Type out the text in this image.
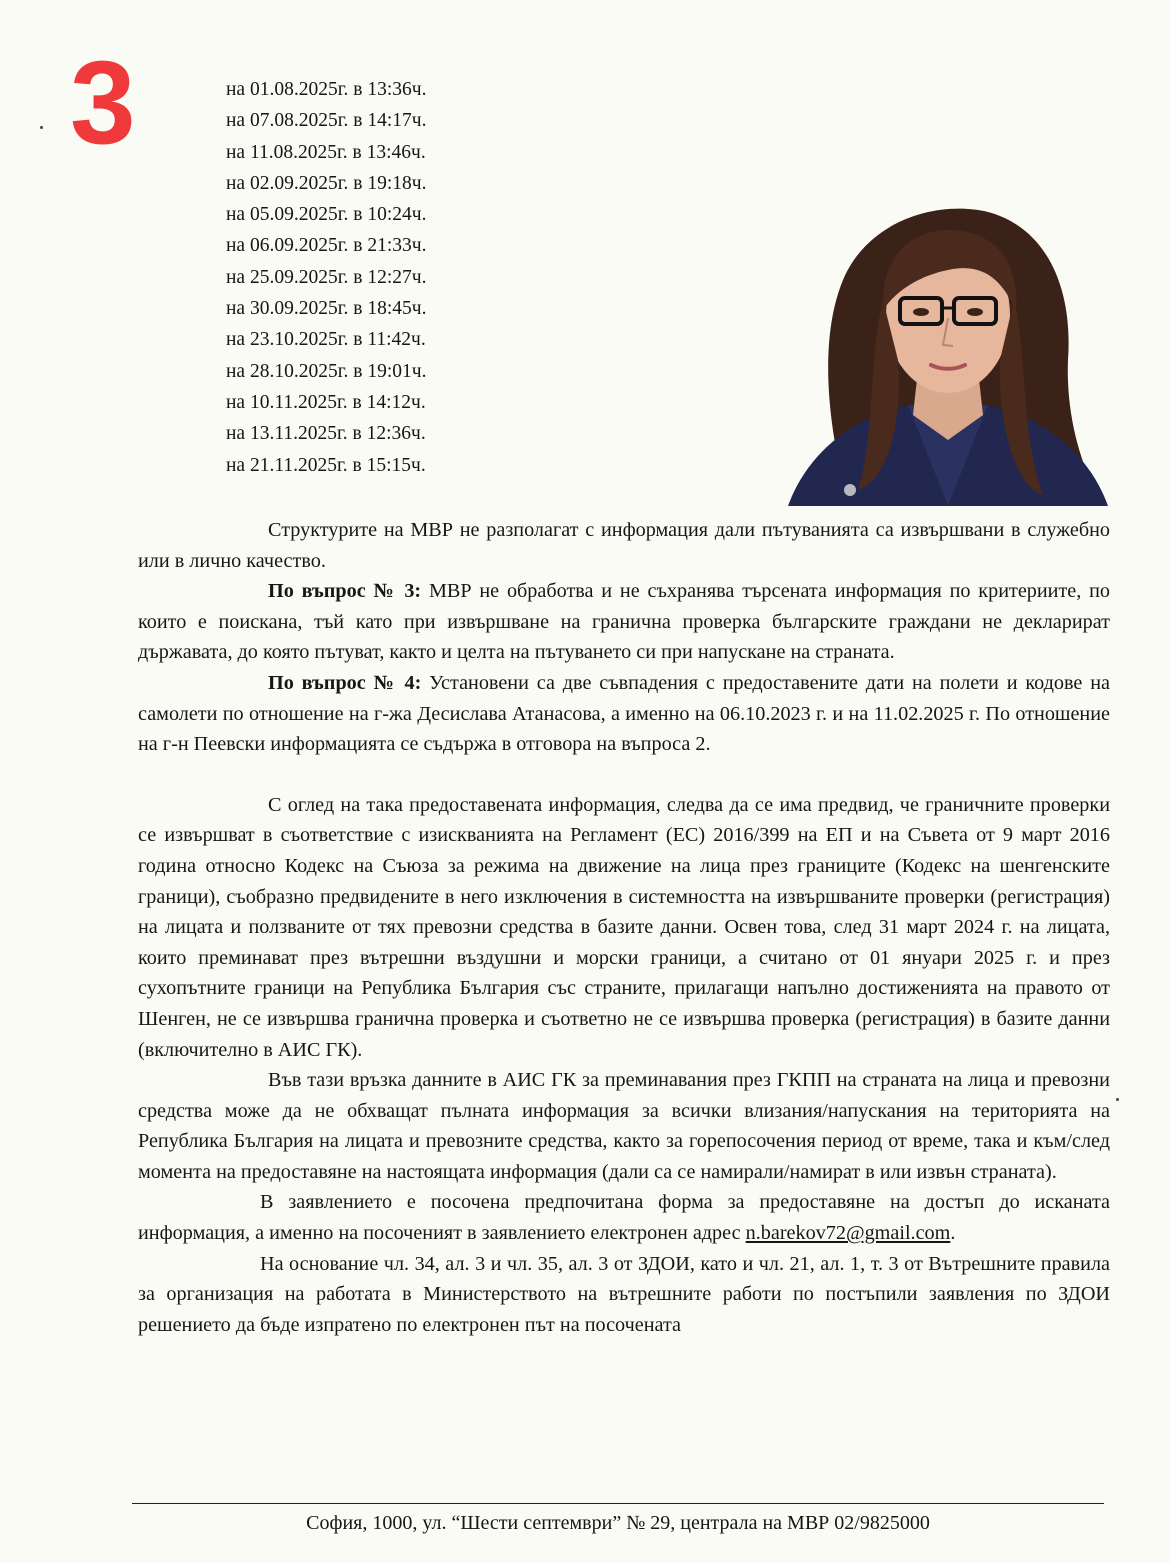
3	на 01.08.2025г. в 13:36ч.
на 07.08.2025г. в 14:17ч.
на 11.08.2025г. в 13:46ч.
на 02.09.2025г. в 19:18ч.
на 05.09.2025г. в 10:24ч.
на 06.09.2025г. в 21:33ч.
на 25.09.2025г. в 12:27ч.
на 30.09.2025г. в 18:45ч.
на 23.10.2025г. в 11:42ч.
на 28.10.2025г. в 19:01ч.
на 10.11.2025г. в 14:12ч.
на 13.11.2025г. в 12:36ч.
на 21.11.2025г. в 15:15ч.

Структурите на МВР не разполагат с информация дали пътуванията са извършвани в служебно или в лично качество.

По въпрос № 3: МВР не обработва и не съхранява търсената информация по критериите, по които е поискана, тъй като при извършване на гранична проверка българските граждани не декларират държавата, до която пътуват, както и целта на пътуването си при напускане на страната.

По въпрос № 4: Установени са две съвпадения с предоставените дати на полети и кодове на самолети по отношение на г-жа Десислава Атанасова, а именно на 06.10.2023 г. и на 11.02.2025 г. По отношение на г-н Пеевски информацията се съдържа в отговора на въпроса 2.

С оглед на така предоставената информация, следва да се има предвид, че граничните проверки се извършват в съответствие с изискванията на Регламент (ЕС) 2016/399 на ЕП и на Съвета от 9 март 2016 година относно Кодекс на Съюза за режима на движение на лица през границите (Кодекс на шенгенските граници), съобразно предвидените в него изключения в системността на извършваните проверки (регистрация) на лицата и ползваните от тях превозни средства в базите данни. Освен това, след 31 март 2024 г. на лицата, които преминават през вътрешни въздушни и морски граници, а считано от 01 януари 2025 г. и през сухопътните граници на Република България със страните, прилагащи напълно достиженията на правото от Шенген, не се извършва гранична проверка и съответно не се извършва проверка (регистрация) в базите данни (включително в АИС ГК).

Във тази връзка данните в АИС ГК за преминавания през ГКПП на страната на лица и превозни средства може да не обхващат пълната информация за всички влизания/напускания на територията на Република България на лицата и превозните средства, както за горепосочения период от време, така и към/след момента на предоставяне на настоящата информация (дали са се намирали/намират в или извън страната).

В заявлението е посочена предпочитана форма за предоставяне на достъп до исканата информация, а именно на посоченият в заявлението електронен адрес n.barekov72@gmail.com.

На основание чл. 34, ал. 3 и чл. 35, ал. 3 от ЗДОИ, като и чл. 21, ал. 1, т. 3 от Вътрешните правила за организация на работата в Министерството на вътрешните работи по постъпили заявления по ЗДОИ решението да бъде изпратено по електронен път на посочената

София, 1000, ул. “Шести септември” № 29, централа на МВР 02/9825000
